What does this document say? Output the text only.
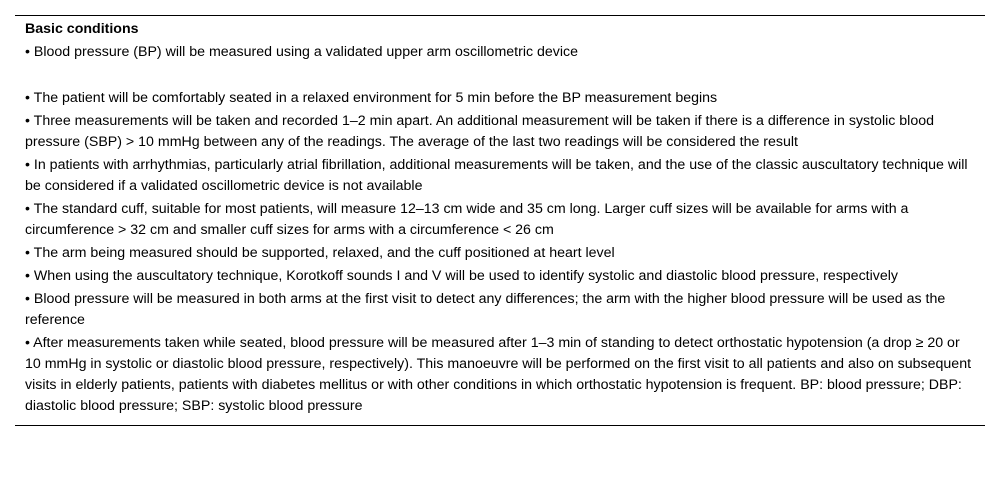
Basic conditions
• Blood pressure (BP) will be measured using a validated upper arm oscillometric device
• The patient will be comfortably seated in a relaxed environment for 5 min before the BP measurement begins
• Three measurements will be taken and recorded 1–2 min apart. An additional measurement will be taken if there is a difference in systolic blood pressure (SBP) > 10 mmHg between any of the readings. The average of the last two readings will be considered the result
• In patients with arrhythmias, particularly atrial fibrillation, additional measurements will be taken, and the use of the classic auscultatory technique will be considered if a validated oscillometric device is not available
• The standard cuff, suitable for most patients, will measure 12–13 cm wide and 35 cm long. Larger cuff sizes will be available for arms with a circumference > 32 cm and smaller cuff sizes for arms with a circumference < 26 cm
• The arm being measured should be supported, relaxed, and the cuff positioned at heart level
• When using the auscultatory technique, Korotkoff sounds I and V will be used to identify systolic and diastolic blood pressure, respectively
• Blood pressure will be measured in both arms at the first visit to detect any differences; the arm with the higher blood pressure will be used as the reference
• After measurements taken while seated, blood pressure will be measured after 1–3 min of standing to detect orthostatic hypotension (a drop ≥ 20 or 10 mmHg in systolic or diastolic blood pressure, respectively). This manoeuvre will be performed on the first visit to all patients and also on subsequent visits in elderly patients, patients with diabetes mellitus or with other conditions in which orthostatic hypotension is frequent. BP: blood pressure; DBP: diastolic blood pressure; SBP: systolic blood pressure
